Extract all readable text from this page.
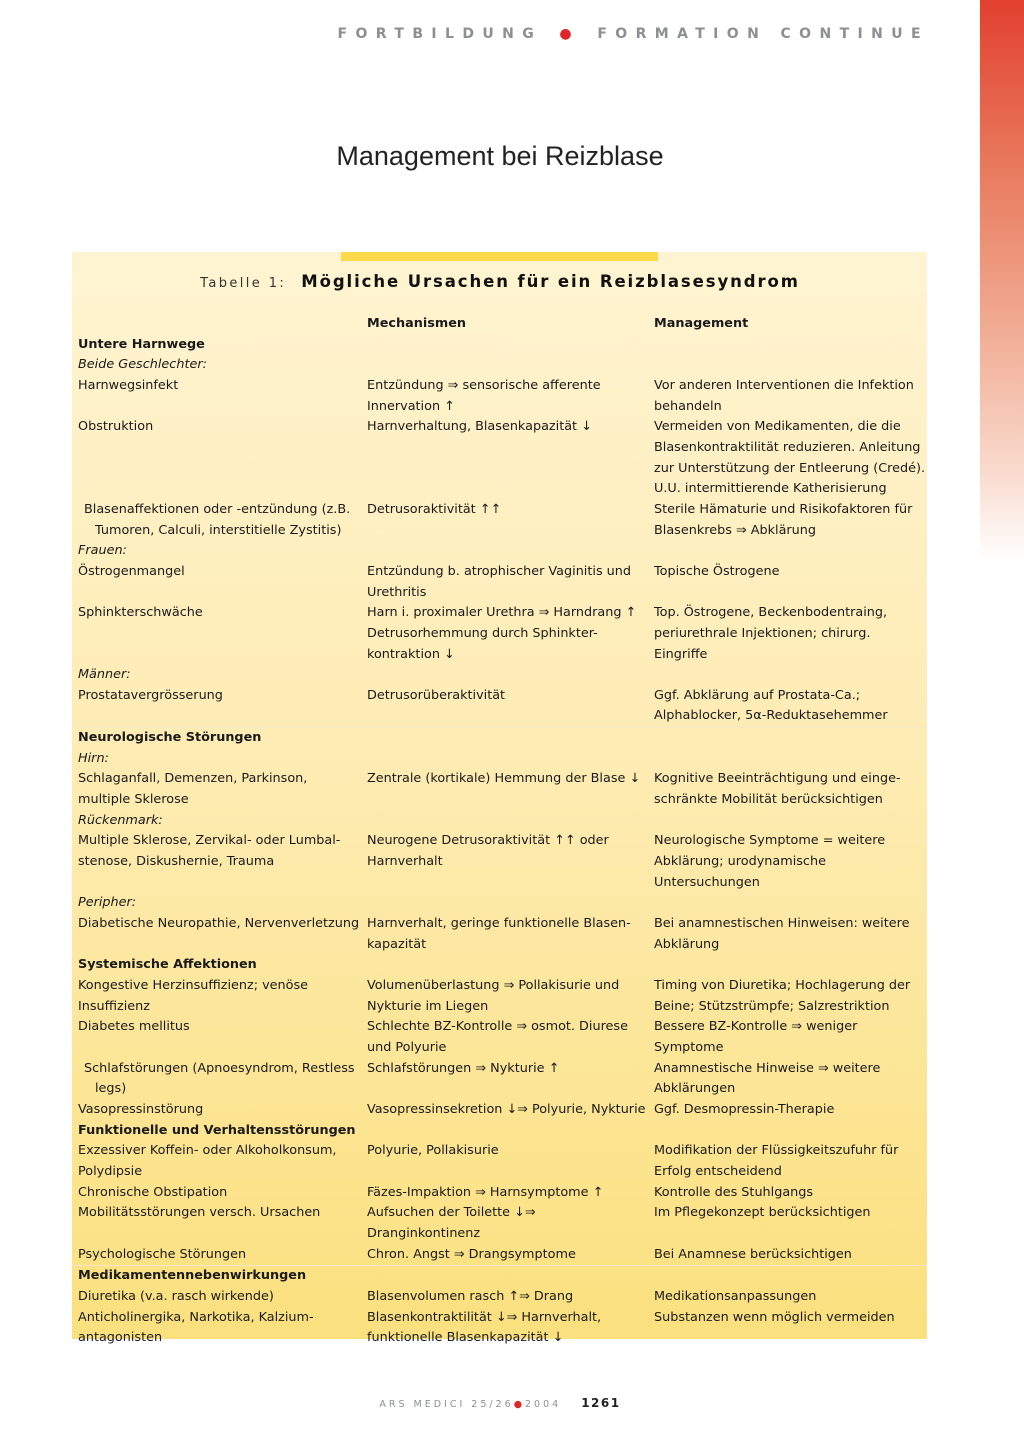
FORTBILDUNG ● FORMATION CONTINUE
Management bei Reizblase
Tabelle 1: Mögliche Ursachen für ein Reizblasesyndrom
	Mechanismen	Management
Untere Harnwege		
Beide Geschlechter:		
Harnwegsinfekt	Entzündung ⇒ sensorische afferente Innervation ↑	Vor anderen Interventionen die Infektion behandeln
Obstruktion	Harnverhaltung, Blasenkapazität ↓	Vermeiden von Medikamenten, die die Blasenkontraktilität reduzieren. Anleitung zur Unterstützung der Entleerung (Credé). U.U. intermittierende Katherisierung

Blasenaffektionen oder -entzündung (z.B. Tumoren, Calculi, interstitielle Zystitis)	Detrusoraktivität ↑↑	Sterile Hämaturie und Risikofaktoren für Blasenkrebs ⇒ Abklärung
Frauen:		
Östrogenmangel	Entzündung b. atrophischer Vaginitis und Urethritis	Topische Östrogene
Sphinkterschwäche	Harn i. proximaler Urethra ⇒ Harndrang ↑ Detrusorhemmung durch Sphinkter-kontraktion ↓	Top. Östrogene, Beckenbodentraing, periurethrale Injektionen; chirurg. Eingriffe
Männer:		
Prostatavergrösserung	Detrusorüberaktivität	Ggf. Abklärung auf Prostata-Ca.; Alphablocker, 5α-Reduktasehemmer
Neurologische Störungen		
Hirn:		
Schlaganfall, Demenzen, Parkinson, multiple Sklerose	Zentrale (kortikale) Hemmung der Blase ↓	Kognitive Beeinträchtigung und einge-schränkte Mobilität berücksichtigen
Rückenmark:		
Multiple Sklerose, Zervikal- oder Lumbal-stenose, Diskushernie, Trauma	Neurogene Detrusoraktivität ↑↑ oder Harnverhalt	Neurologische Symptome = weitere Abklärung; urodynamische Untersuchungen
Peripher:		
Diabetische Neuropathie, Nervenverletzung	Harnverhalt, geringe funktionelle Blasen-kapazität	Bei anamnestischen Hinweisen: weitere Abklärung
Systemische Affektionen		
Kongestive Herzinsuffizienz; venöse Insuffizienz	Volumenüberlastung ⇒ Pollakisurie und Nykturie im Liegen	Timing von Diuretika; Hochlagerung der Beine; Stützstrümpfe; Salzrestriktion
Diabetes mellitus	Schlechte BZ-Kontrolle ⇒ osmot. Diurese und Polyurie	Bessere BZ-Kontrolle ⇒ weniger Symptome

Schlafstörungen (Apnoesyndrom, Restless legs)	Schlafstörungen ⇒ Nykturie ↑	Anamnestische Hinweise ⇒ weitere Abklärungen
Vasopressinstörung	Vasopressinsekretion ↓⇒ Polyurie, Nykturie	Ggf. Desmopressin-Therapie
Funktionelle und Verhaltensstörungen		
Exzessiver Koffein- oder Alkoholkonsum, Polydipsie	Polyurie, Pollakisurie	Modifikation der Flüssigkeitszufuhr für Erfolg entscheidend
Chronische Obstipation	Fäzes-Impaktion ⇒ Harnsymptome ↑	Kontrolle des Stuhlgangs
Mobilitätsstörungen versch. Ursachen	Aufsuchen der Toilette ↓⇒ Dranginkontinenz	Im Pflegekonzept berücksichtigen
Psychologische Störungen	Chron. Angst ⇒ Drangsymptome	Bei Anamnese berücksichtigen
Medikamentennebenwirkungen		
Diuretika (v.a. rasch wirkende)	Blasenvolumen rasch ↑⇒ Drang	Medikationsanpassungen
Anticholinergika, Narkotika, Kalzium-antagonisten	Blasenkontraktilität ↓⇒ Harnverhalt, funktionelle Blasenkapazität ↓	Substanzen wenn möglich vermeiden
ARS MEDICI 25/26●2004 1261
